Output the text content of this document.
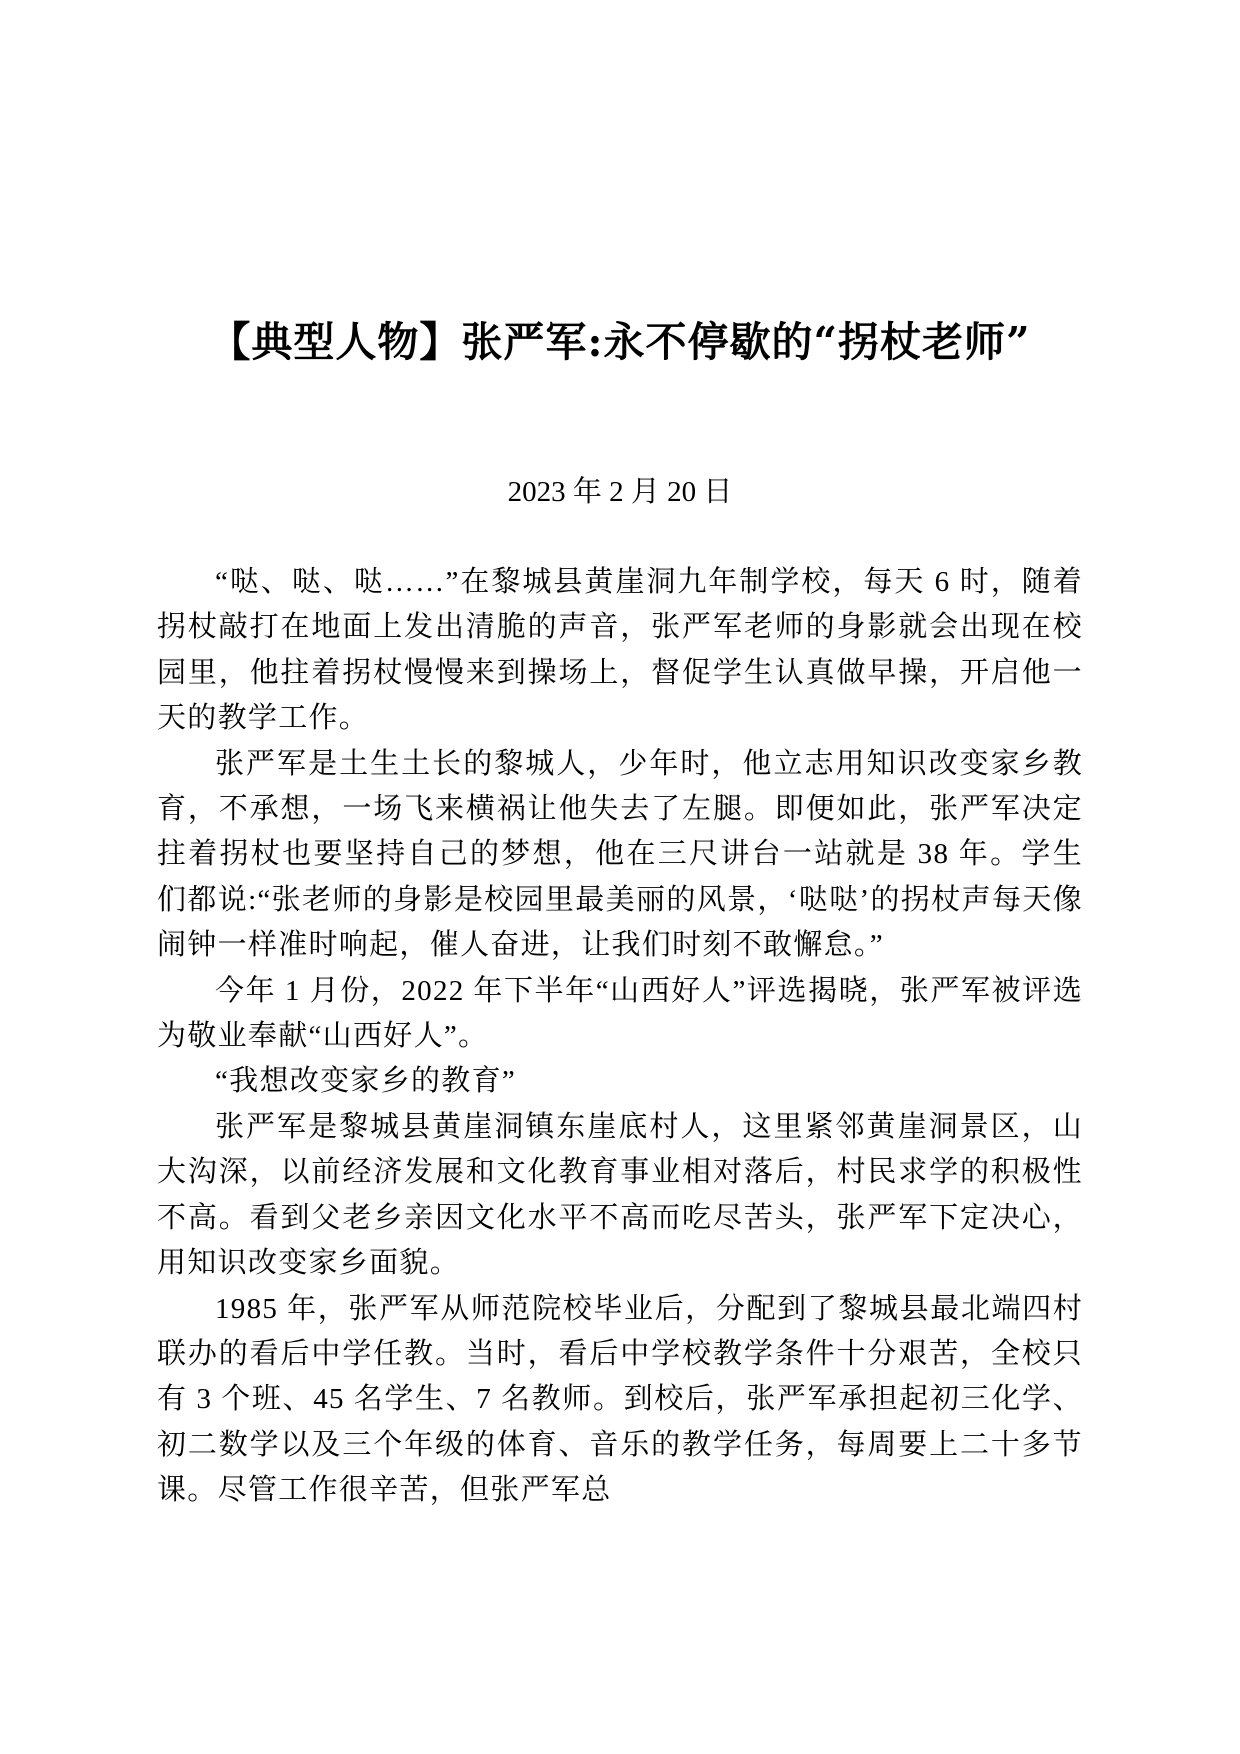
【典型人物】张严军:永不停歇的“拐杖老师”
2023 年 2 月 20 日

“哒、哒、哒……”在黎城县黄崖洞九年制学校，每天 6 时，随着拐杖敲打在地面上发出清脆的声音，张严军老师的身影就会出现在校园里，他拄着拐杖慢慢来到操场上，督促学生认真做早操，开启他一天的教学工作。

张严军是土生土长的黎城人，少年时，他立志用知识改变家乡教育，不承想，一场飞来横祸让他失去了左腿。即便如此，张严军决定拄着拐杖也要坚持自己的梦想，他在三尺讲台一站就是 38 年。学生们都说:“张老师的身影是校园里最美丽的风景，‘哒哒’的拐杖声每天像闹钟一样准时响起，催人奋进，让我们时刻不敢懈怠。”

今年 1 月份，2022 年下半年“山西好人”评选揭晓，张严军被评选为敬业奉献“山西好人”。

“我想改变家乡的教育”

张严军是黎城县黄崖洞镇东崖底村人，这里紧邻黄崖洞景区，山大沟深，以前经济发展和文化教育事业相对落后，村民求学的积极性不高。看到父老乡亲因文化水平不高而吃尽苦头，张严军下定决心，用知识改变家乡面貌。

1985 年，张严军从师范院校毕业后，分配到了黎城县最北端四村联办的看后中学任教。当时，看后中学校教学条件十分艰苦，全校只有 3 个班、45 名学生、7 名教师。到校后，张严军承担起初三化学、初二数学以及三个年级的体育、音乐的教学任务，每周要上二十多节课。尽管工作很辛苦，但张严军总
